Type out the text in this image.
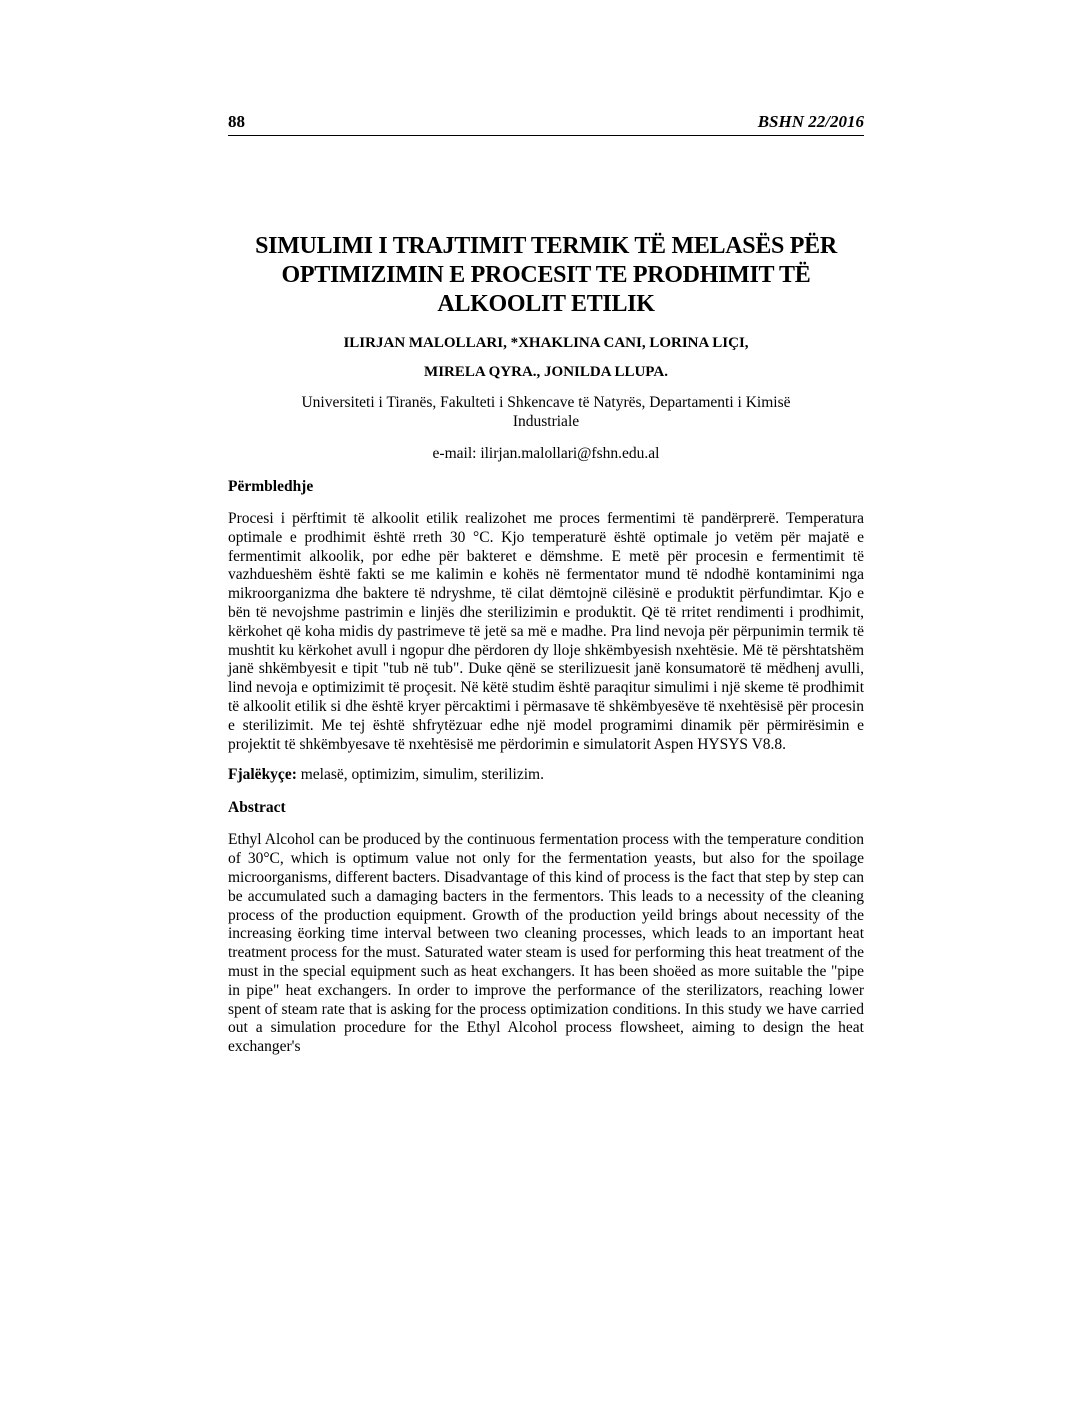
88	BSHN 22/2016
SIMULIMI I TRAJTIMIT TERMIK TË MELASËS PËR
OPTIMIZIMIN E PROCESIT TE PRODHIMIT TË
ALKOOLIT ETILIK
ILIRJAN MALOLLARI, *XHAKLINA CANI, LORINA LIÇI,
MIRELA QYRA., JONILDA LLUPA.
Universiteti i Tiranës, Fakulteti i Shkencave të Natyrës, Departamenti i Kimisë
Industriale
e-mail: ilirjan.malollari@fshn.edu.al
Përmbledhje

Procesi i përftimit të alkoolit etilik realizohet me proces fermentimi të pandërprerë. Temperatura optimale e prodhimit është rreth 30 °C. Kjo temperaturë është optimale jo vetëm për majatë e fermentimit alkoolik, por edhe për bakteret e dëmshme. E metë për procesin e fermentimit të vazhdueshëm është fakti se me kalimin e kohës në fermentator mund të ndodhë kontaminimi nga mikroorganizma dhe baktere të ndryshme, të cilat dëmtojnë cilësinë e produktit përfundimtar. Kjo e bën të nevojshme pastrimin e linjës dhe sterilizimin e produktit. Që të rritet rendimenti i prodhimit, kërkohet që koha midis dy pastrimeve të jetë sa më e madhe. Pra lind nevoja për përpunimin termik të mushtit ku kërkohet avull i ngopur dhe përdoren dy lloje shkëmbyesish nxehtësie. Më të përshtatshëm janë shkëmbyesit e tipit "tub në tub". Duke qënë se sterilizuesit janë konsumatorë të mëdhenj avulli, lind nevoja e optimizimit të proçesit. Në këtë studim është paraqitur simulimi i një skeme të prodhimit të alkoolit etilik si dhe është kryer përcaktimi i përmasave të shkëmbyesëve të nxehtësisë për procesin e sterilizimit. Me tej është shfrytëzuar edhe një model programimi dinamik për përmirësimin e projektit të shkëmbyesave të nxehtësisë me përdorimin e simulatorit Aspen HYSYS V8.8.

Fjalëkyçe: melasë, optimizim, simulim, sterilizim.

Abstract

Ethyl Alcohol can be produced by the continuous fermentation process with the temperature condition of 30°C, which is optimum value not only for the fermentation yeasts, but also for the spoilage microorganisms, different bacters. Disadvantage of this kind of process is the fact that step by step can be accumulated such a damaging bacters in the fermentors. This leads to a necessity of the cleaning process of the production equipment. Growth of the production yeild brings about necessity of the increasing ëorking time interval between two cleaning processes, which leads to an important heat treatment process for the must. Saturated water steam is used for performing this heat treatment of the must in the special equipment such as heat exchangers. It has been shoëed as more suitable the "pipe in pipe" heat exchangers. In order to improve the performance of the sterilizators, reaching lower spent of steam rate that is asking for the process optimization conditions. In this study we have carried out a simulation procedure for the Ethyl Alcohol process flowsheet, aiming to design the heat exchanger's
